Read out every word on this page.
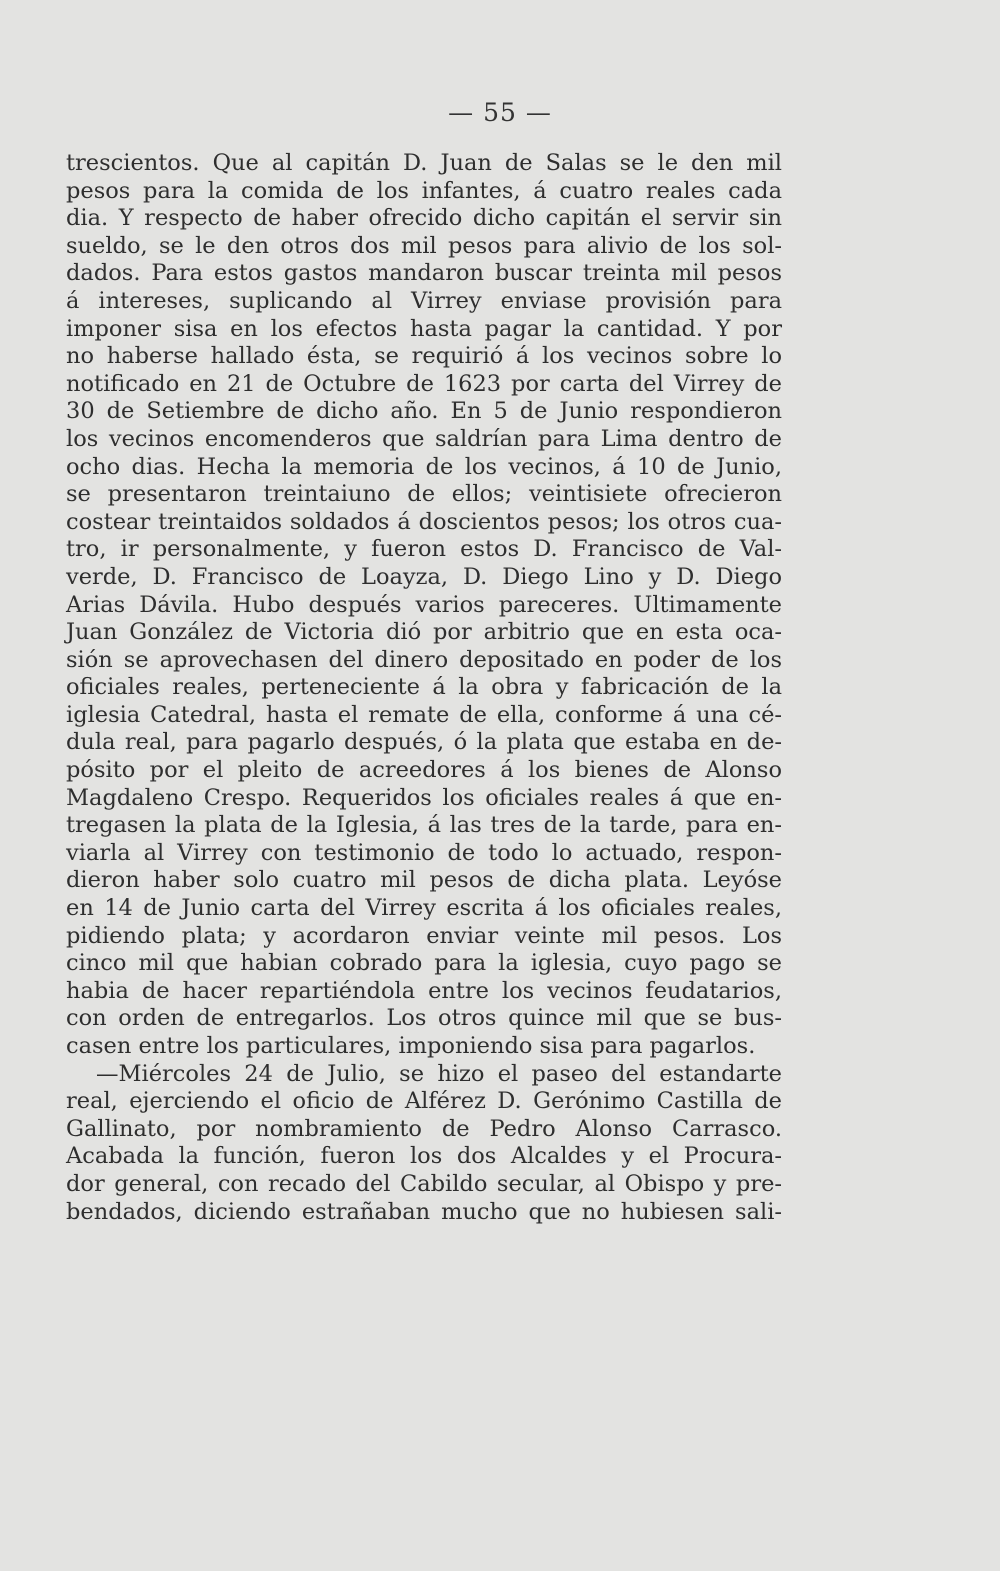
— 55 —
trescientos. Que al capitán D. Juan de Salas se le den mil
pesos para la comida de los infantes, á cuatro reales cada
dia. Y respecto de haber ofrecido dicho capitán el servir sin
sueldo, se le den otros dos mil pesos para alivio de los sol-
dados. Para estos gastos mandaron buscar treinta mil pesos
á intereses, suplicando al Virrey enviase provisión para
imponer sisa en los efectos hasta pagar la cantidad. Y por
no haberse hallado ésta, se requirió á los vecinos sobre lo
notificado en 21 de Octubre de 1623 por carta del Virrey de
30 de Setiembre de dicho año. En 5 de Junio respondieron
los vecinos encomenderos que saldrían para Lima dentro de
ocho dias. Hecha la memoria de los vecinos, á 10 de Junio,
se presentaron treintaiuno de ellos; veintisiete ofrecieron
costear treintaidos soldados á doscientos pesos; los otros cua-
tro, ir personalmente, y fueron estos D. Francisco de Val-
verde, D. Francisco de Loayza, D. Diego Lino y D. Diego
Arias Dávila. Hubo después varios pareceres. Ultimamente
Juan González de Victoria dió por arbitrio que en esta oca-
sión se aprovechasen del dinero depositado en poder de los
oficiales reales, perteneciente á la obra y fabricación de la
iglesia Catedral, hasta el remate de ella, conforme á una cé-
dula real, para pagarlo después, ó la plata que estaba en de-
pósito por el pleito de acreedores á los bienes de Alonso
Magdaleno Crespo. Requeridos los oficiales reales á que en-
tregasen la plata de la Iglesia, á las tres de la tarde, para en-
viarla al Virrey con testimonio de todo lo actuado, respon-
dieron haber solo cuatro mil pesos de dicha plata. Leyóse
en 14 de Junio carta del Virrey escrita á los oficiales reales,
pidiendo plata; y acordaron enviar veinte mil pesos. Los
cinco mil que habian cobrado para la iglesia, cuyo pago se
habia de hacer repartiéndola entre los vecinos feudatarios,
con orden de entregarlos. Los otros quince mil que se bus-
casen entre los particulares, imponiendo sisa para pagarlos.
—Miércoles 24 de Julio, se hizo el paseo del estandarte
real, ejerciendo el oficio de Alférez D. Gerónimo Castilla de
Gallinato, por nombramiento de Pedro Alonso Carrasco.
Acabada la función, fueron los dos Alcaldes y el Procura-
dor general, con recado del Cabildo secular, al Obispo y pre-
bendados, diciendo estrañaban mucho que no hubiesen sali-
